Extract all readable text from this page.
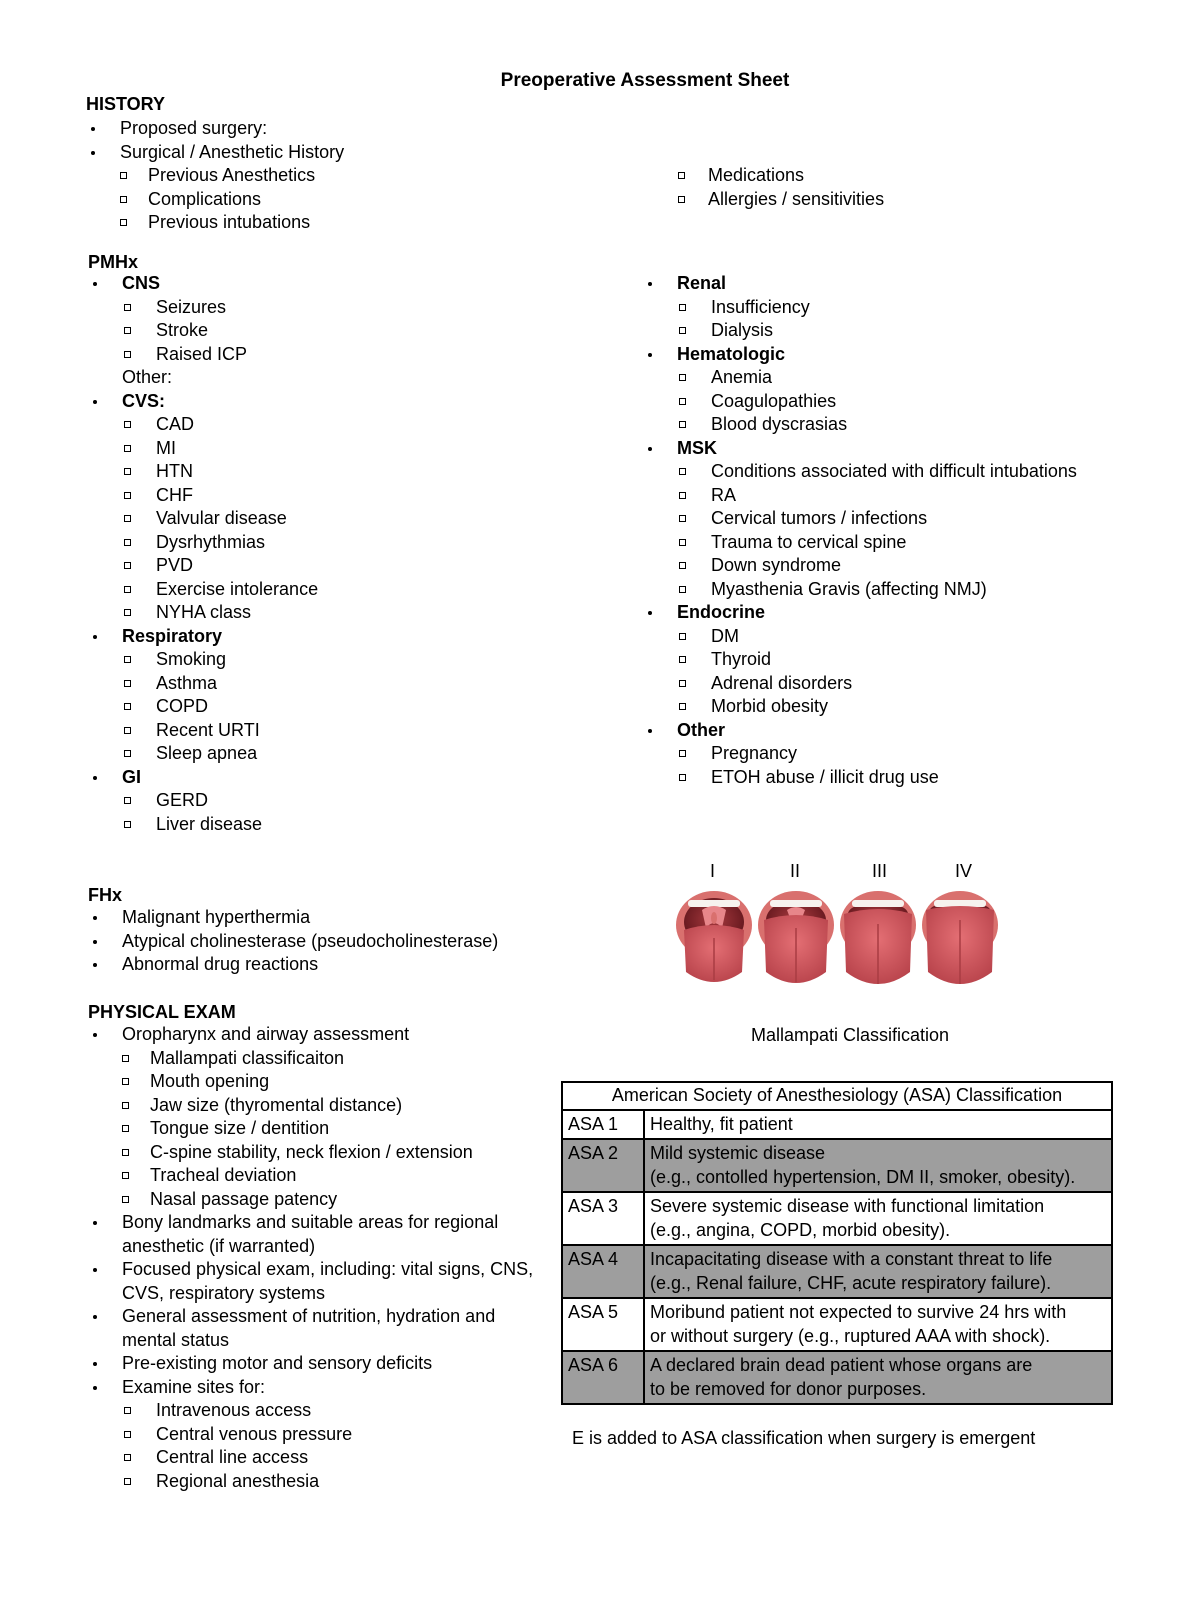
Preoperative Assessment Sheet
HISTORY
Proposed surgery:
Surgical / Anesthetic History
Previous Anesthetics
Complications
Previous intubations
Medications
Allergies / sensitivities
PMHx
CNS
Seizures
Stroke
Raised ICP
Other:
CVS:
CAD
MI
HTN
CHF
Valvular disease
Dysrhythmias
PVD
Exercise intolerance
NYHA class
Respiratory
Smoking
Asthma
COPD
Recent URTI
Sleep apnea
GI
GERD
Liver disease
Renal
Insufficiency
Dialysis
Hematologic
Anemia
Coagulopathies
Blood dyscrasias
MSK
Conditions associated with difficult intubations
RA
Cervical tumors / infections
Trauma to cervical spine
Down syndrome
Myasthenia Gravis (affecting NMJ)
Endocrine
DM
Thyroid
Adrenal disorders
Morbid obesity
Other
Pregnancy
ETOH abuse / illicit drug use
FHx
Malignant hyperthermia
Atypical cholinesterase (pseudocholinesterase)
Abnormal drug reactions
PHYSICAL EXAM
Oropharynx and airway assessment
Mallampati classificaiton
Mouth opening
Jaw size (thyromental distance)
Tongue size / dentition
C-spine stability, neck flexion / extension
Tracheal deviation
Nasal passage patency
Bony landmarks and suitable areas for regional anesthetic (if warranted)
Focused physical exam, including: vital signs, CNS, CVS, respiratory systems
General assessment of nutrition, hydration and mental status
Pre-existing motor and sensory deficits
Examine sites for:
Intravenous access
Central venous pressure
Central line access
Regional anesthesia
I	II	III	IV
Mallampati Classification
American Society of Anesthesiology (ASA) Classification	
ASA 1	Healthy, fit patient

ASA 2	Mild systemic disease
(e.g., contolled hypertension, DM II, smoker, obesity).

ASA 3	Severe systemic disease with functional limitation
(e.g., angina, COPD, morbid obesity).

ASA 4	Incapacitating disease with a constant threat to life
(e.g., Renal failure, CHF, acute respiratory failure).

ASA 5	Moribund patient not expected to survive 24 hrs with
or without surgery (e.g., ruptured AAA with shock).

ASA 6	A declared brain dead patient whose organs are
to be removed for donor purposes.
E is added to ASA classification when surgery is emergent
